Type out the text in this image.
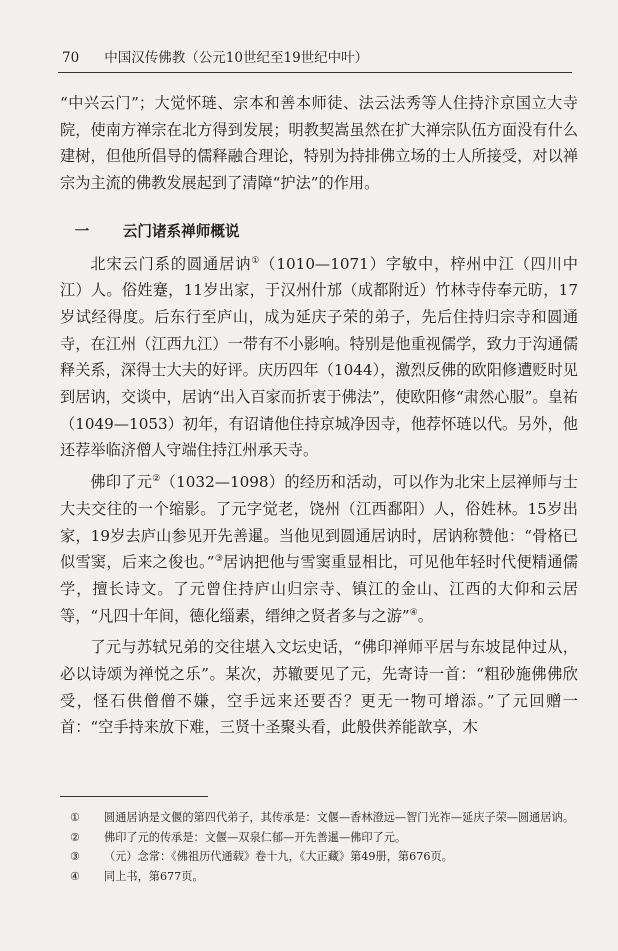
70 中国汉传佛教（公元10世纪至19世纪中叶）

“中兴云门”；大觉怀琏、宗本和善本师徒、法云法秀等人住持汴京国立大寺院，使南方禅宗在北方得到发展；明教契嵩虽然在扩大禅宗队伍方面没有什么建树，但他所倡导的儒释融合理论，特别为持排佛立场的士人所接受，对以禅宗为主流的佛教发展起到了清障“护法”的作用。

一 云门诸系禅师概说

北宋云门系的圆通居讷①（1010—1071）字敏中，梓州中江（四川中江）人。俗姓蹇，11岁出家，于汉州什邡（成都附近）竹林寺侍奉元昉，17岁试经得度。后东行至庐山，成为延庆子荣的弟子，先后住持归宗寺和圆通寺，在江州（江西九江）一带有不小影响。特别是他重视儒学，致力于沟通儒释关系，深得士大夫的好评。庆历四年（1044），激烈反佛的欧阳修遭贬时见到居讷，交谈中，居讷“出入百家而折衷于佛法”，使欧阳修“肃然心服”。皇祐（1049—1053）初年，有诏请他住持京城净因寺，他荐怀琏以代。另外，他还荐举临济僧人守端住持江州承天寺。

佛印了元②（1032—1098）的经历和活动，可以作为北宋上层禅师与士大夫交往的一个缩影。了元字觉老，饶州（江西鄱阳）人，俗姓林。15岁出家，19岁去庐山参见开先善暹。当他见到圆通居讷时，居讷称赞他：“骨格已似雪窦，后来之俊也。”③居讷把他与雪窦重显相比，可见他年轻时代便精通儒学，擅长诗文。了元曾住持庐山归宗寺、镇江的金山、江西的大仰和云居等，“凡四十年间，德化缁素，缙绅之贤者多与之游”④。

了元与苏轼兄弟的交往堪入文坛史话，“佛印禅师平居与东坡昆仲过从，必以诗颂为禅悦之乐”。某次，苏辙要见了元，先寄诗一首：“粗砂施佛佛欣受，怪石供僧僧不嫌，空手远来还要否？更无一物可增添。”了元回赠一首：“空手持来放下难，三贤十圣聚头看，此般供养能歆享，木

①	圆通居讷是文偃的第四代弟子，其传承是：文偃—香林澄远—智门光祚—延庆子荣—圆通居讷。
②	佛印了元的传承是：文偃—双泉仁郁—开先善暹—佛印了元。
③	（元）念常：《佛祖历代通载》卷十九，《大正藏》第49册，第676页。
④	同上书，第677页。
